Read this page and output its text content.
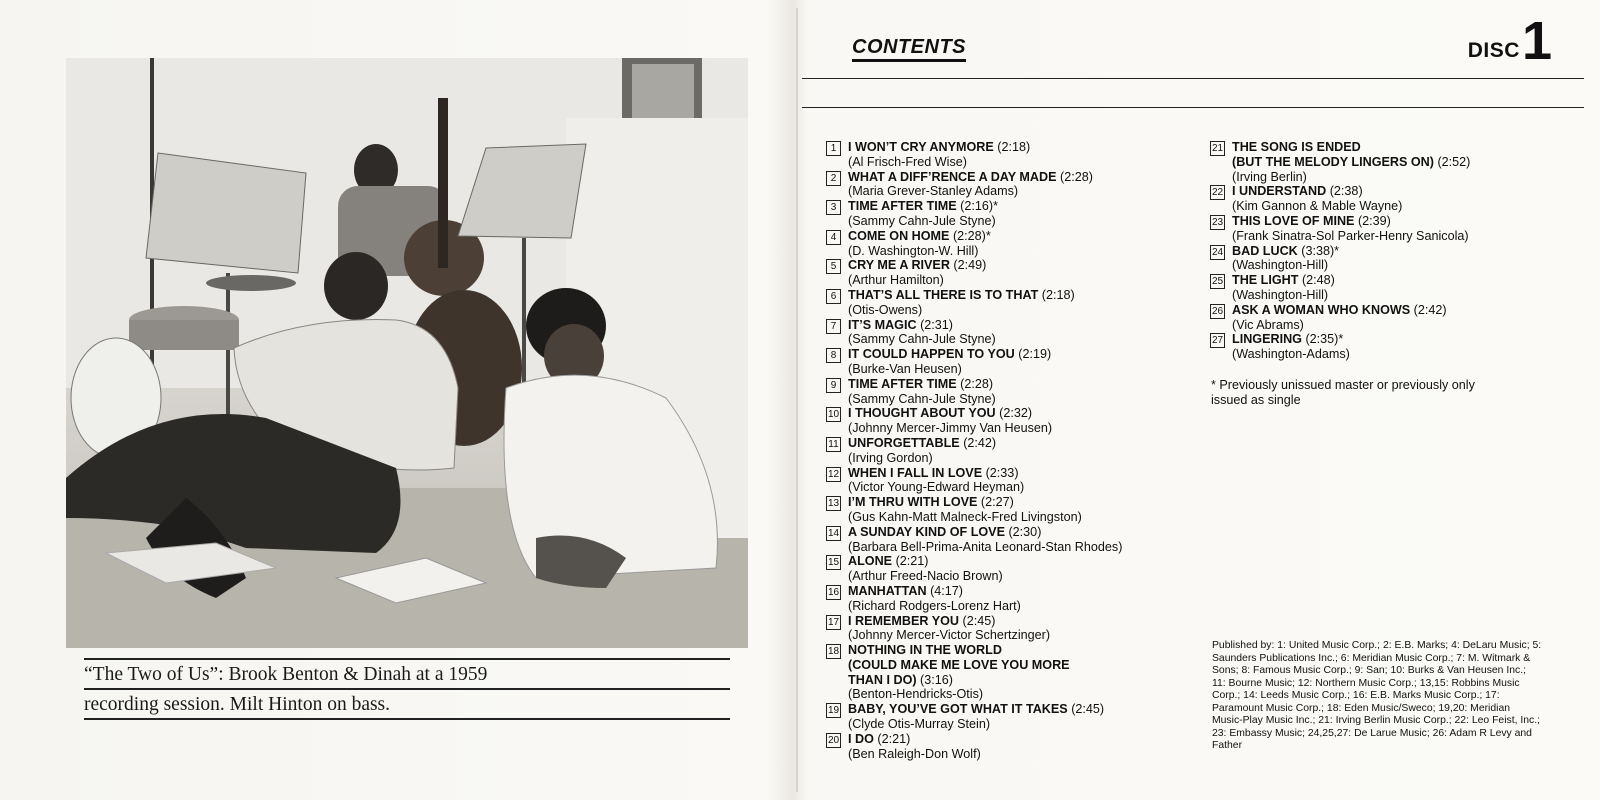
“The Two of Us”: Brook Benton & Dinah at a 1959
recording session. Milt Hinton on bass.
CONTENTS	DISC 1
1 I WON’T CRY ANYMORE (2:18)
(Al Frisch-Fred Wise)
2 WHAT A DIFF’RENCE A DAY MADE (2:28)
(Maria Grever-Stanley Adams)
3 TIME AFTER TIME (2:16)*
(Sammy Cahn-Jule Styne)
4 COME ON HOME (2:28)*
(D. Washington-W. Hill)
5 CRY ME A RIVER (2:49)
(Arthur Hamilton)
6 THAT’S ALL THERE IS TO THAT (2:18)
(Otis-Owens)
7 IT’S MAGIC (2:31)
(Sammy Cahn-Jule Styne)
8 IT COULD HAPPEN TO YOU (2:19)
(Burke-Van Heusen)
9 TIME AFTER TIME (2:28)
(Sammy Cahn-Jule Styne)
10 I THOUGHT ABOUT YOU (2:32)
(Johnny Mercer-Jimmy Van Heusen)
11 UNFORGETTABLE (2:42)
(Irving Gordon)
12 WHEN I FALL IN LOVE (2:33)
(Victor Young-Edward Heyman)
13 I’M THRU WITH LOVE (2:27)
(Gus Kahn-Matt Malneck-Fred Livingston)
14 A SUNDAY KIND OF LOVE (2:30)
(Barbara Bell-Prima-Anita Leonard-Stan Rhodes)
15 ALONE (2:21)
(Arthur Freed-Nacio Brown)
16 MANHATTAN (4:17)
(Richard Rodgers-Lorenz Hart)
17 I REMEMBER YOU (2:45)
(Johnny Mercer-Victor Schertzinger)
18 NOTHING IN THE WORLD
(COULD MAKE ME LOVE YOU MORE
THAN I DO) (3:16)
(Benton-Hendricks-Otis)
19 BABY, YOU’VE GOT WHAT IT TAKES (2:45)
(Clyde Otis-Murray Stein)
20 I DO (2:21)
(Ben Raleigh-Don Wolf)
21 THE SONG IS ENDED
(BUT THE MELODY LINGERS ON) (2:52)
(Irving Berlin)
22 I UNDERSTAND (2:38)
(Kim Gannon & Mable Wayne)
23 THIS LOVE OF MINE (2:39)
(Frank Sinatra-Sol Parker-Henry Sanicola)
24 BAD LUCK (3:38)*
(Washington-Hill)
25 THE LIGHT (2:48)
(Washington-Hill)
26 ASK A WOMAN WHO KNOWS (2:42)
(Vic Abrams)
27 LINGERING (2:35)*
(Washington-Adams)
* Previously unissued master or previously only issued as single
Published by: 1: United Music Corp.; 2: E.B. Marks; 4: DeLaru Music; 5: Saunders Publications Inc.; 6: Meridian Music Corp.; 7: M. Witmark & Sons; 8: Famous Music Corp.; 9: San; 10: Burks & Van Heusen Inc.; 11: Bourne Music; 12: Northern Music Corp.; 13,15: Robbins Music Corp.; 14: Leeds Music Corp.; 16: E.B. Marks Music Corp.; 17: Paramount Music Corp.; 18: Eden Music/Sweco; 19,20: Meridian Music-Play Music Inc.; 21: Irving Berlin Music Corp.; 22: Leo Feist, Inc.; 23: Embassy Music; 24,25,27: De Larue Music; 26: Adam R Levy and Father
